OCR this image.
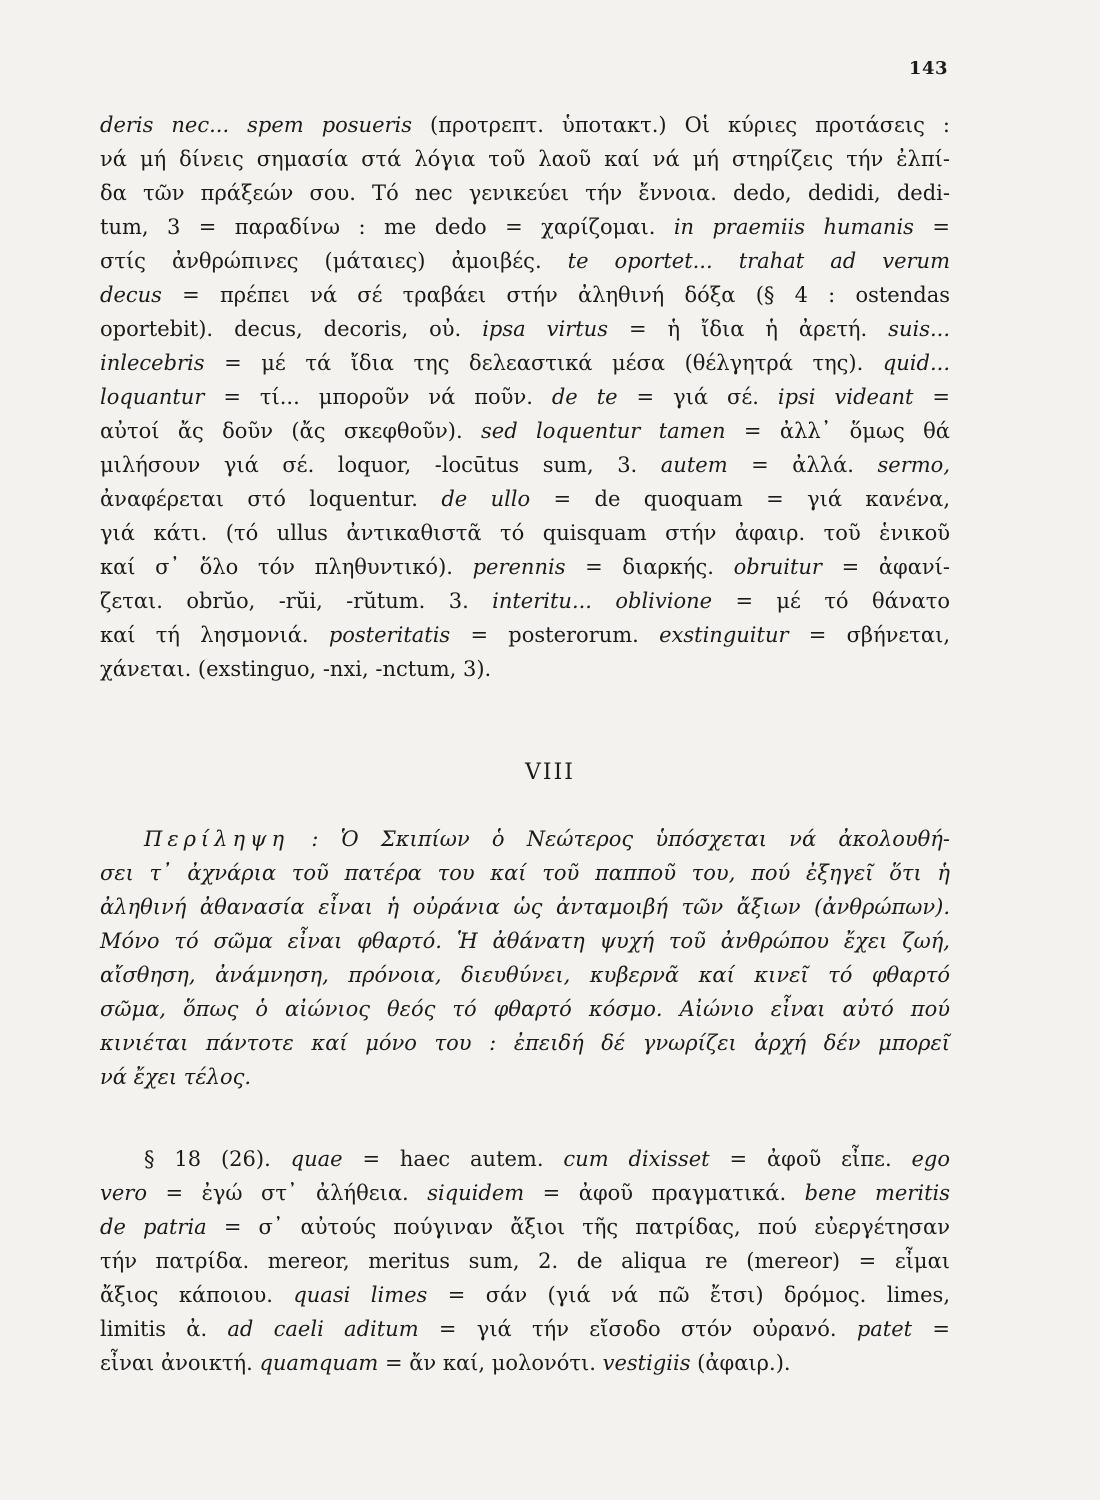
143
deris nec... spem posueris (προτρεπτ. ὑποτακτ.) Οἱ κύριες προτάσεις :
νά μή δίνεις σημασία στά λόγια τοῦ λαοῦ καί νά μή στηρίζεις τήν ἐλπί-
δα τῶν πράξεών σου. Τό nec γενικεύει τήν ἔννοια. dedo, dedidi, dedi-
tum, 3 = παραδίνω : me dedo = χαρίζομαι. in praemiis humanis =
στίς ἀνθρώπινες (μάταιες) ἀμοιβές. te oportet... trahat ad verum
decus = πρέπει νά σέ τραβάει στήν ἀληθινή δόξα (§ 4 : ostendas
oportebit). decus, decoris, οὐ. ipsa virtus = ἡ ἴδια ἡ ἀρετή. suis...
inlecebris = μέ τά ἴδια της δελεαστικά μέσα (θέλγητρά της). quid...
loquantur = τί... μποροῦν νά ποῦν. de te = γιά σέ. ipsi videant =
αὐτοί ἄς δοῦν (ἄς σκεφθοῦν). sed loquentur tamen = ἀλλ᾽ ὅμως θά
μιλήσουν γιά σέ. loquor, -locūtus sum, 3. autem = ἀλλά. sermo,
ἀναφέρεται στό loquentur. de ullo = de quoquam = γιά κανένα,
γιά κάτι. (τό ullus ἀντικαθιστᾶ τό quisquam στήν ἀφαιρ. τοῦ ἑνικοῦ
καί σ᾽ ὅλο τόν πληθυντικό). perennis = διαρκής. obruitur = ἀφανί-
ζεται. obrŭo, -rŭi, -rŭtum. 3. interitu... oblivione = μέ τό θάνατο
καί τή λησμονιά. posteritatis = posterorum. exstinguitur = σβήνεται,
χάνεται. (exstinguo, -nxi, -nctum, 3).
VIII
Περίληψη : Ὁ Σκιπίων ὁ Νεώτερος ὑπόσχεται νά ἀκολουθή-
σει τ᾽ ἀχνάρια τοῦ πατέρα του καί τοῦ παπποῦ του, πού ἐξηγεῖ ὅτι ἡ
ἀληθινή ἀθανασία εἶναι ἡ οὐράνια ὡς ἀνταμοιβή τῶν ἄξιων (ἀνθρώπων).
Μόνο τό σῶμα εἶναι φθαρτό. Ἡ ἀθάνατη ψυχή τοῦ ἀνθρώπου ἔχει ζωή,
αἴσθηση, ἀνάμνηση, πρόνοια, διευθύνει, κυβερνᾶ καί κινεῖ τό φθαρτό
σῶμα, ὅπως ὁ αἰώνιος θεός τό φθαρτό κόσμο. Αἰώνιο εἶναι αὐτό πού
κινιέται πάντοτε καί μόνο του : ἐπειδή δέ γνωρίζει ἀρχή δέν μπορεῖ
νά ἔχει τέλος.
§ 18 (26). quae = haec autem. cum dixisset = ἀφοῦ εἶπε. ego
vero = ἐγώ στ᾽ ἀλήθεια. siquidem = ἀφοῦ πραγματικά. bene meritis
de patria = σ᾽ αὐτούς πούγιναν ἄξιοι τῆς πατρίδας, πού εὐεργέτησαν
τήν πατρίδα. mereor, meritus sum, 2. de aliqua re (mereor) = εἶμαι
ἄξιος κάποιου. quasi limes = σάν (γιά νά πῶ ἔτσι) δρόμος. limes,
limitis ἀ. ad caeli aditum = γιά τήν εἴσοδο στόν οὐρανό. patet =
εἶναι ἀνοικτή. quamquam = ἄν καί, μολονότι. vestigiis (ἀφαιρ.).
